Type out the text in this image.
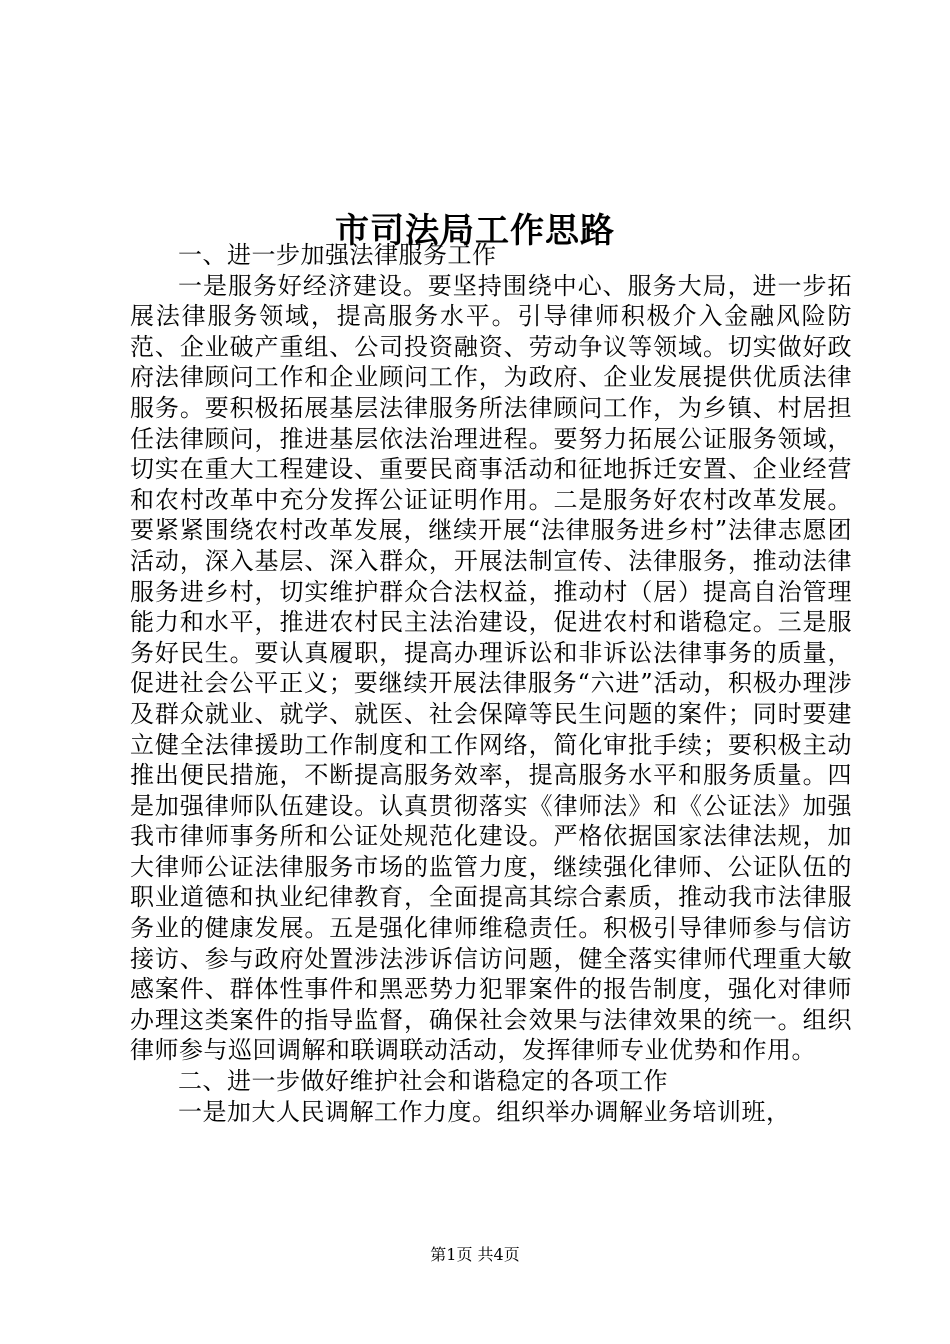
市司法局工作思路

一、进一步加强法律服务工作

一是服务好经济建设。要坚持围绕中心、服务大局，进一步拓展法律服务领域，提高服务水平。引导律师积极介入金融风险防范、企业破产重组、公司投资融资、劳动争议等领域。切实做好政府法律顾问工作和企业顾问工作，为政府、企业发展提供优质法律服务。要积极拓展基层法律服务所法律顾问工作，为乡镇、村居担任法律顾问，推进基层依法治理进程。要努力拓展公证服务领域，切实在重大工程建设、重要民商事活动和征地拆迁安置、企业经营和农村改革中充分发挥公证证明作用。二是服务好农村改革发展。要紧紧围绕农村改革发展，继续开展“法律服务进乡村”法律志愿团活动，深入基层、深入群众，开展法制宣传、法律服务，推动法律服务进乡村，切实维护群众合法权益，推动村（居）提高自治管理能力和水平，推进农村民主法治建设，促进农村和谐稳定。三是服务好民生。要认真履职，提高办理诉讼和非诉讼法律事务的质量，促进社会公平正义；要继续开展法律服务“六进”活动，积极办理涉及群众就业、就学、就医、社会保障等民生问题的案件；同时要建立健全法律援助工作制度和工作网络，简化审批手续；要积极主动推出便民措施，不断提高服务效率，提高服务水平和服务质量。四是加强律师队伍建设。认真贯彻落实《律师法》和《公证法》加强我市律师事务所和公证处规范化建设。严格依据国家法律法规，加大律师公证法律服务市场的监管力度，继续强化律师、公证队伍的职业道德和执业纪律教育，全面提高其综合素质，推动我市法律服务业的健康发展。五是强化律师维稳责任。积极引导律师参与信访接访、参与政府处置涉法涉诉信访问题，健全落实律师代理重大敏感案件、群体性事件和黑恶势力犯罪案件的报告制度，强化对律师办理这类案件的指导监督，确保社会效果与法律效果的统一。组织律师参与巡回调解和联调联动活动，发挥律师专业优势和作用。

二、进一步做好维护社会和谐稳定的各项工作

一是加大人民调解工作力度。组织举办调解业务培训班，

第1页 共4页
